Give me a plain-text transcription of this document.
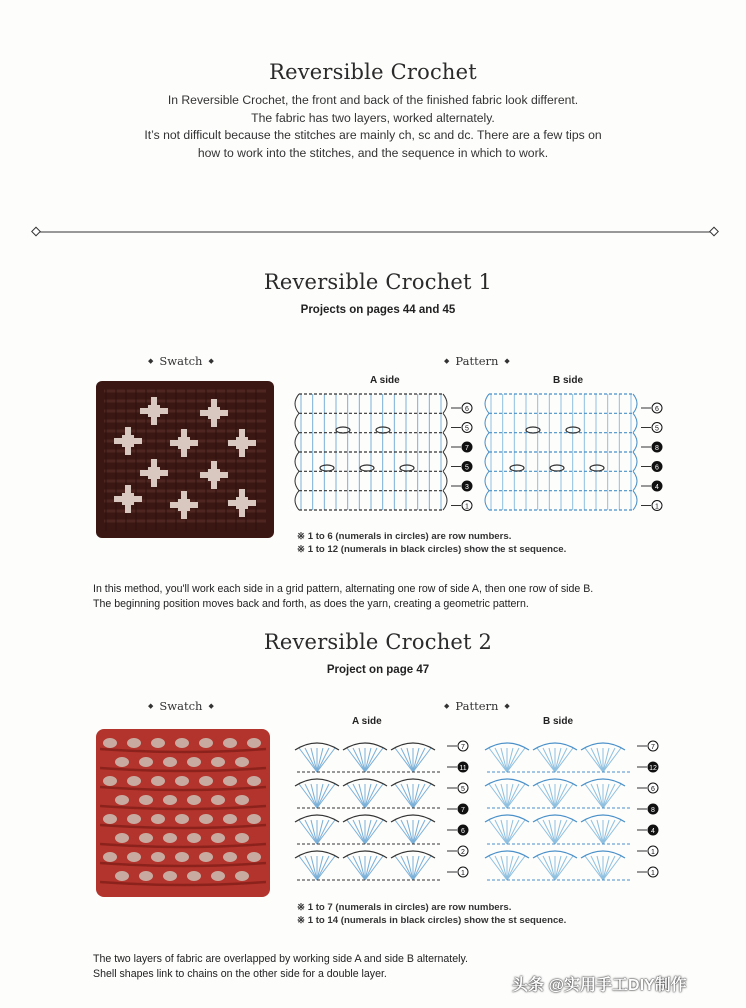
Reversible Crochet
In Reversible Crochet, the front and back of the finished fabric look different.
The fabric has two layers, worked alternately.
It’s not difficult because the stitches are mainly ch, sc and dc. There are a few tips on
how to work into the stitches, and the sequence in which to work.
Reversible Crochet 1
Projects on pages 44 and 45
◆ Swatch ◆	◆ Pattern ◆
A side	B side
6
5
7
5
3
1
6
5
8
6
4
1
※ 1 to 6 (numerals in circles) are row numbers.
※ 1 to 12 (numerals in black circles) show the st sequence.
In this method, you'll work each side in a grid pattern, alternating one row of side A, then one row of side B.
The beginning position moves back and forth, as does the yarn, creating a geometric pattern.
Reversible Crochet 2
Project on page 47
◆ Swatch ◆	◆ Pattern ◆
A side	B side
7
11
5
7
6
2
1
7
12
6
8
4
1
1
※ 1 to 7 (numerals in circles) are row numbers.
※ 1 to 14 (numerals in black circles) show the st sequence.
The two layers of fabric are overlapped by working side A and side B alternately.
Shell shapes link to chains on the other side for a double layer.
头条 @实用手工DIY制作
